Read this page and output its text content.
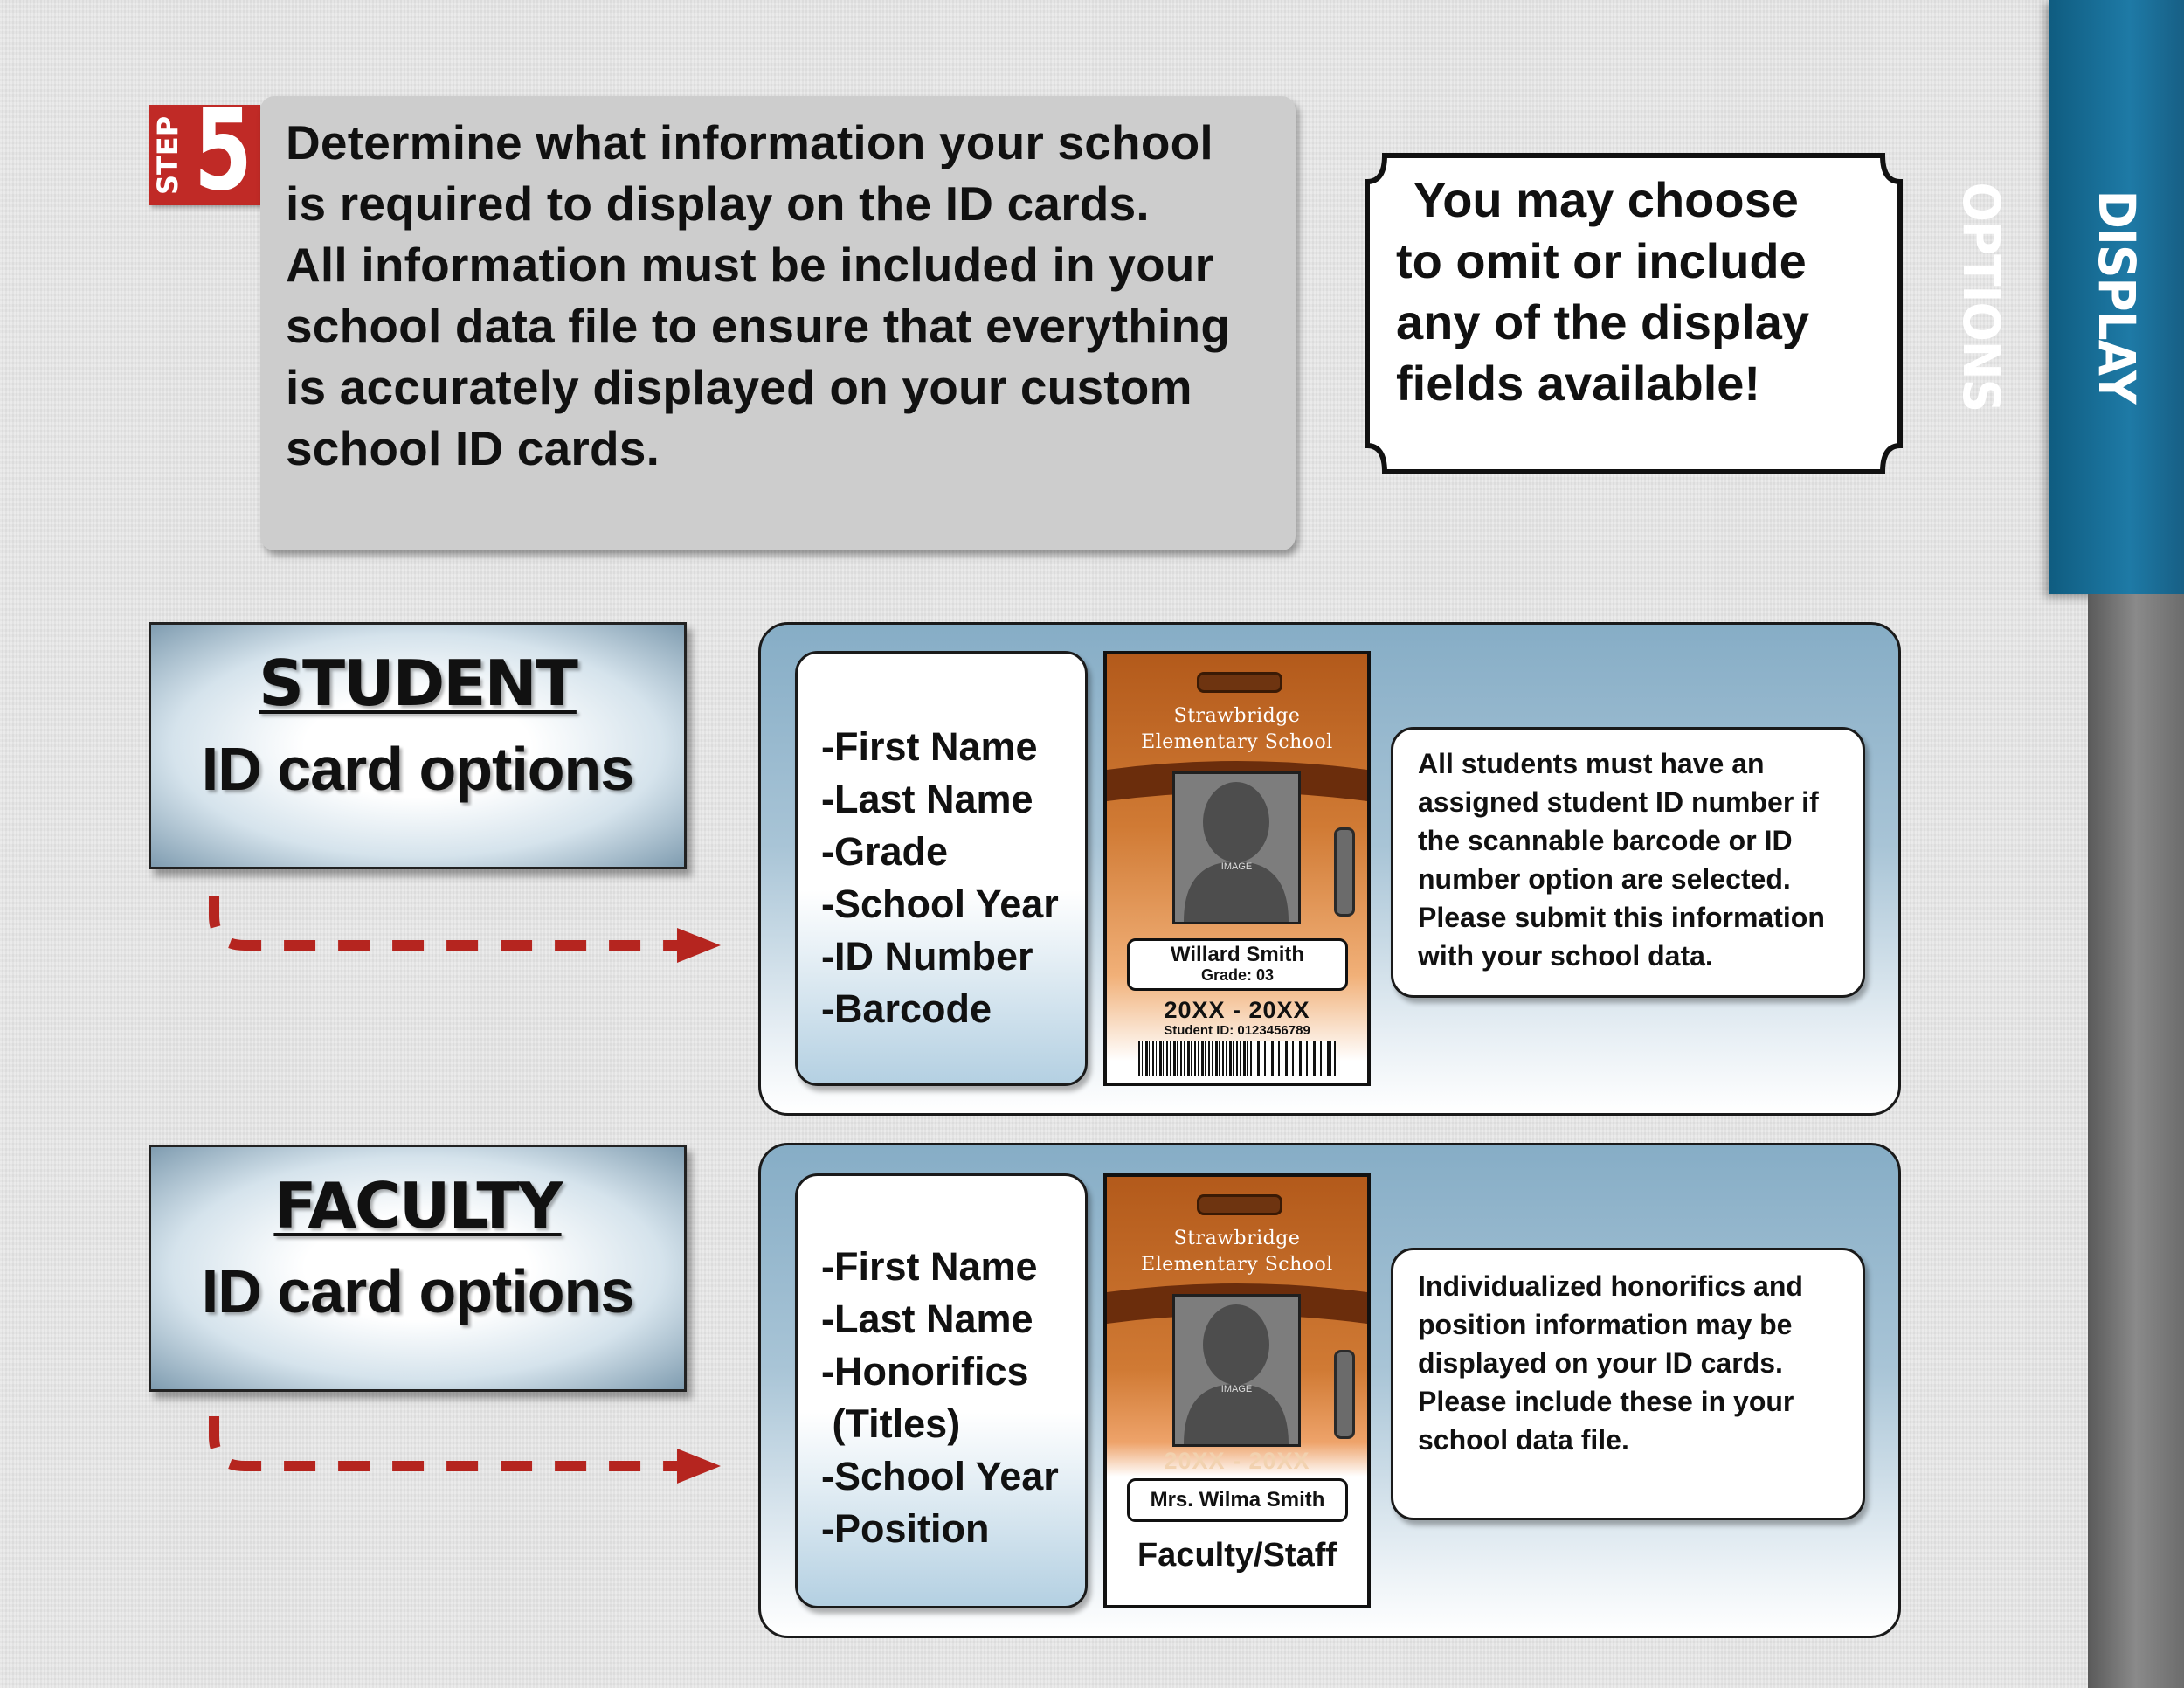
DISPLAY OPTIONS
STEP 5 Determine what information your school
is required to display on the ID cards.
All information must be included in your
school data file to ensure that everything
is accurately displayed on your custom
school ID cards.
You may choose
to omit or include
any of the display
fields available!
STUDENT
ID card options	-First Name
-Last Name
-Grade
-School Year
-ID Number
-Barcode
Strawbridge
Elementary School
IMAGE
Willard Smith
Grade: 03
20XX - 20XX
Student ID: 0123456789
All students must have an
assigned student ID number if
the scannable barcode or ID
number option are selected.
Please submit this information
with your school data.
FACULTY
ID card options	-First Name
-Last Name
-Honorifics
(Titles)
-School Year
-Position
Strawbridge
Elementary School
IMAGE
20XX - 20XX
Mrs. Wilma Smith
Faculty/Staff
Individualized honorifics and
position information may be
displayed on your ID cards.
Please include these in your
school data file.
